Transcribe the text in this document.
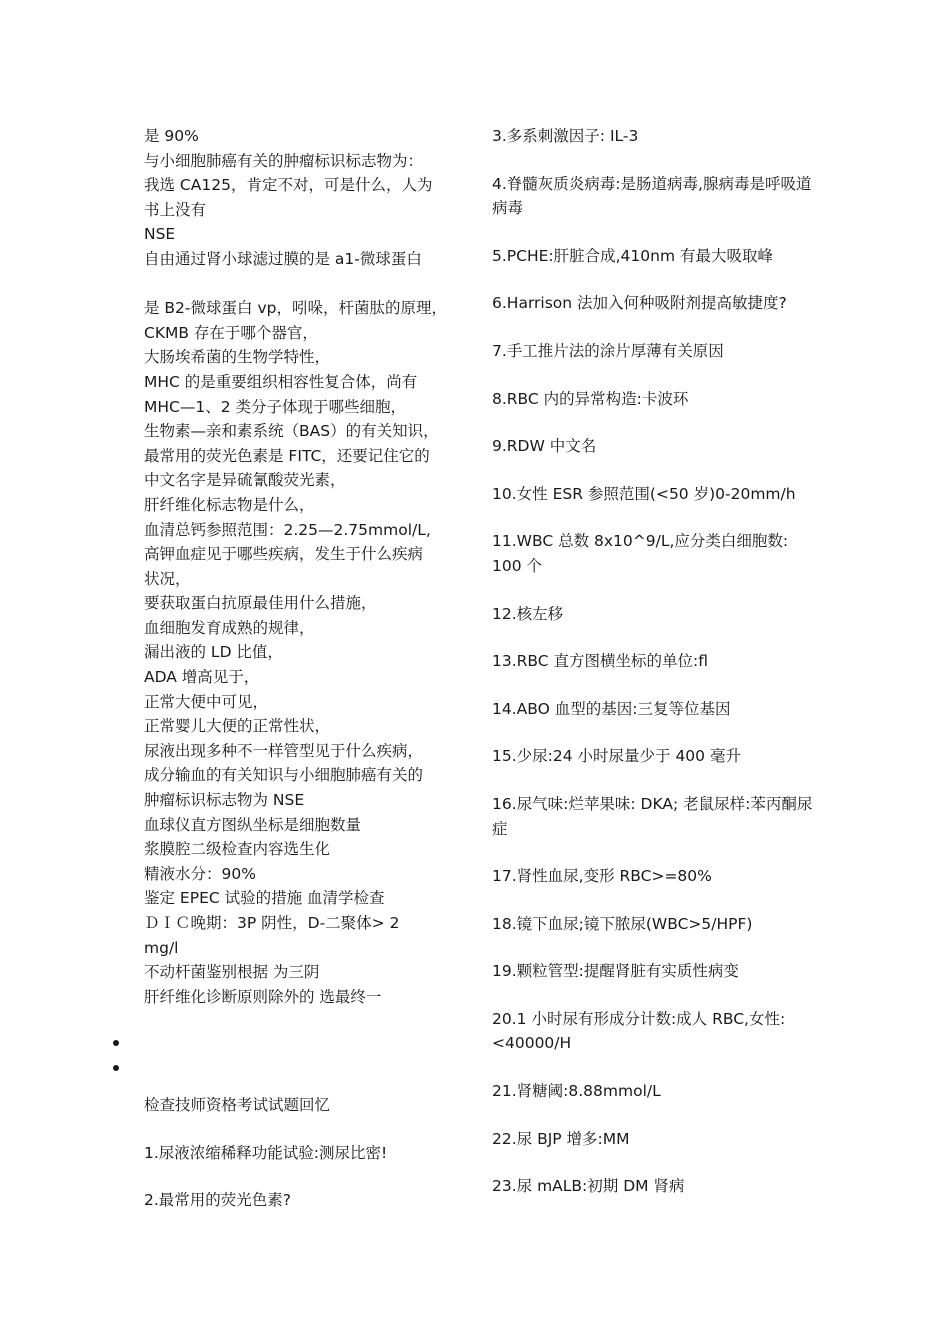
是 90%

与小细胞肺癌有关的肿瘤标识标志物为：

我选 CA125，肯定不对，可是什么，人为

书上没有

NSE

自由通过肾小球滤过膜的是 a1-微球蛋白

是 B2-微球蛋白 vp，吲哚，杆菌肽的原理，

CKMB 存在于哪个器官，

大肠埃希菌的生物学特性，

MHC 的是重要组织相容性复合体，尚有

MHC—1、2 类分子体现于哪些细胞，

生物素—亲和素系统（BAS）的有关知识，

最常用的荧光色素是 FITC，还要记住它的

中文名字是异硫氰酸荧光素，

肝纤维化标志物是什么，

血清总钙参照范围：2.25—2.75mmol/L,

高钾血症见于哪些疾病，发生于什么疾病

状况，

要获取蛋白抗原最佳用什么措施，

血细胞发育成熟的规律，

漏出液的 LD 比值，

ADA 增高见于，

正常大便中可见，

正常婴儿大便的正常性状，

尿液出现多种不一样管型见于什么疾病，

成分输血的有关知识与小细胞肺癌有关的

肿瘤标识标志物为 NSE

血球仪直方图纵坐标是细胞数量

浆膜腔二级检查内容选生化

精液水分：90%

鉴定 EPEC 试验的措施 血清学检查

ＤＩＣ晚期：3P 阴性，D-二聚体> 2

mg/l

不动杆菌鉴别根据 为三阴

肝纤维化诊断原则除外的 选最终一

检查技师资格考试试题回忆

1.尿液浓缩稀释功能试验:测尿比密!

2.最常用的荧光色素?

3.多系刺激因子: IL-3

4.脊髓灰质炎病毒:是肠道病毒,腺病毒是呼吸道病毒

5.PCHE:肝脏合成,410nm 有最大吸取峰

6.Harrison 法加入何种吸附剂提高敏捷度?

7.手工推片法的涂片厚薄有关原因

8.RBC 内的异常构造:卡波环

9.RDW 中文名

10.女性 ESR 参照范围(<50 岁)0-20mm/h

11.WBC 总数 8x10^9/L,应分类白细胞数: 100 个

12.核左移

13.RBC 直方图横坐标的单位:fl

14.ABO 血型的基因:三复等位基因

15.少尿:24 小时尿量少于 400 毫升

16.尿气味:烂苹果味: DKA; 老鼠尿样:苯丙酮尿症

17.肾性血尿,变形 RBC>=80%

18.镜下血尿;镜下脓尿(WBC>5/HPF)

19.颗粒管型:提醒肾脏有实质性病变

20.1 小时尿有形成分计数:成人 RBC,女性: <40000/H

21.肾糖阈:8.88mmol/L

22.尿 BJP 增多:MM

23.尿 mALB:初期 DM 肾病
